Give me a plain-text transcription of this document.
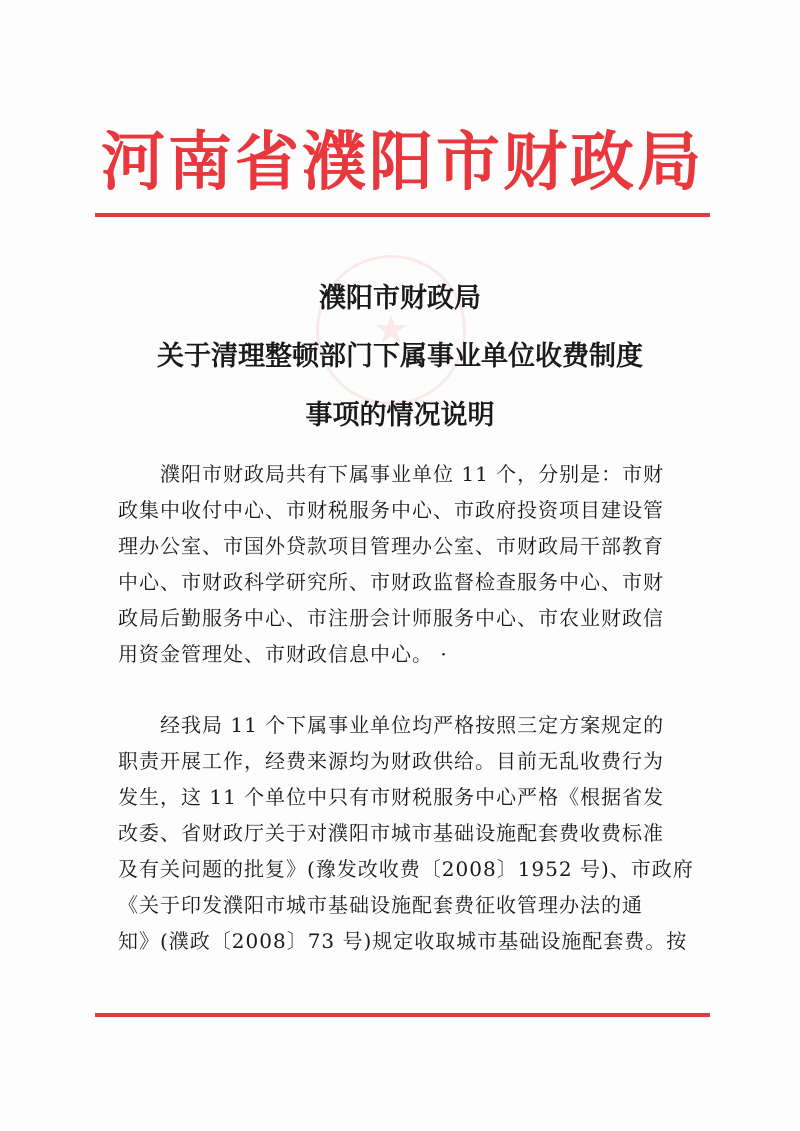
河南省濮阳市财政局
★
濮阳市财政局
关于清理整顿部门下属事业单位收费制度
事项的情况说明
　　濮阳市财政局共有下属事业单位 11 个，分别是：市财
政集中收付中心、市财税服务中心、市政府投资项目建设管
理办公室、市国外贷款项目管理办公室、市财政局干部教育
中心、市财政科学研究所、市财政监督检查服务中心、市财
政局后勤服务中心、市注册会计师服务中心、市农业财政信
用资金管理处、市财政信息中心。 ·
　　经我局 11 个下属事业单位均严格按照三定方案规定的
职责开展工作，经费来源均为财政供给。目前无乱收费行为
发生，这 11 个单位中只有市财税服务中心严格《根据省发
改委、省财政厅关于对濮阳市城市基础设施配套费收费标准
及有关问题的批复》(豫发改收费〔2008〕1952 号)、市政府
《关于印发濮阳市城市基础设施配套费征收管理办法的通
知》(濮政〔2008〕73 号)规定收取城市基础设施配套费。按
